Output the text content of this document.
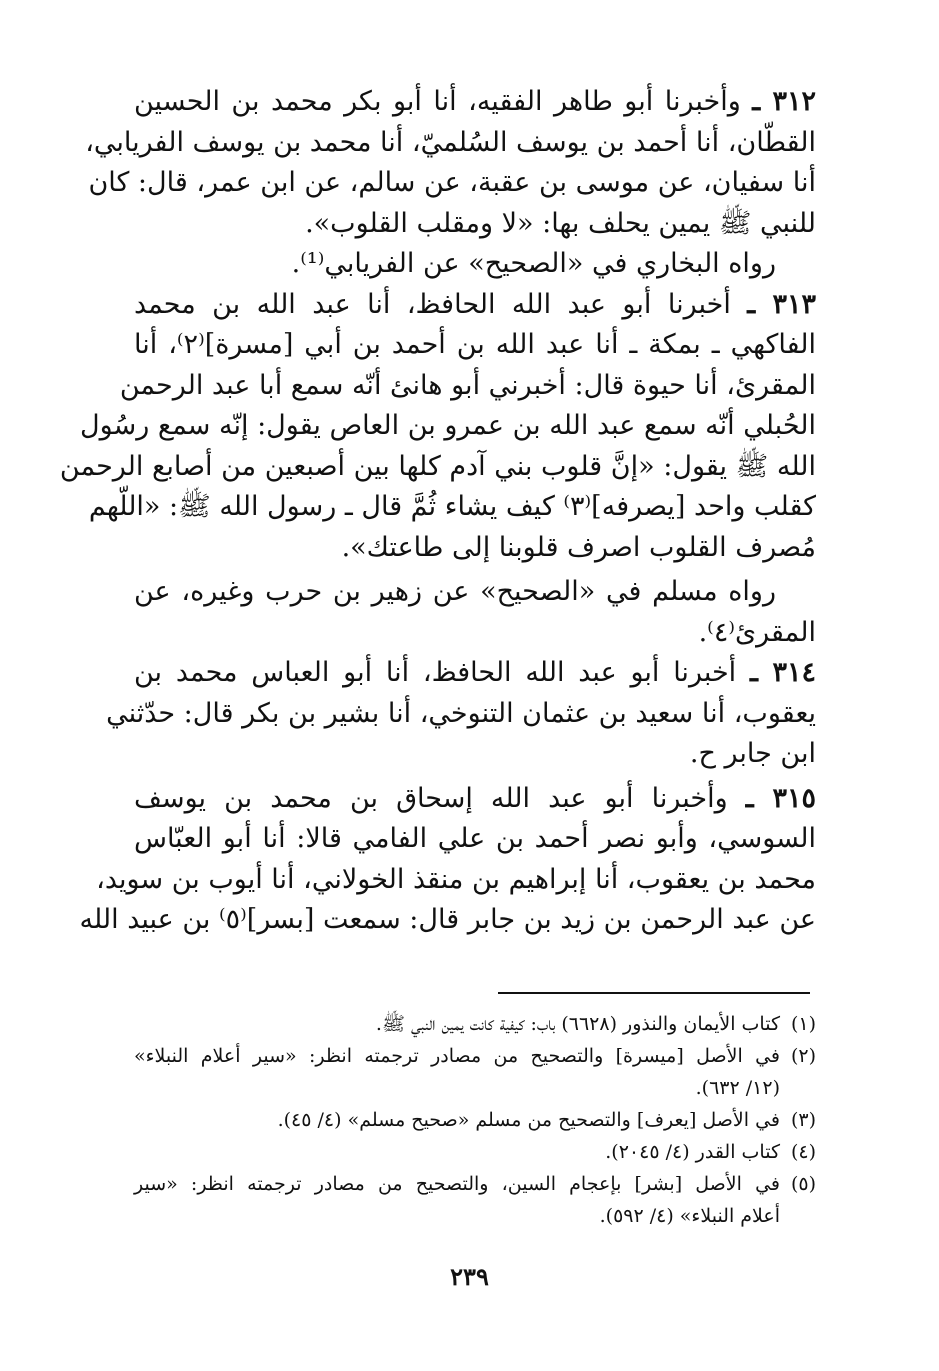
٣١٢ ـ وأخبرنا أبو طاهر الفقيه، أنا أبو بكر محمد بن الحسين
القطّان، أنا أحمد بن يوسف السُلميّ، أنا محمد بن يوسف الفريابي،
أنا سفيان، عن موسى بن عقبة، عن سالم، عن ابن عمر، قال: كان
للنبي ﷺ يمين يحلف بها: «لا ومقلب القلوب».
رواه البخاري في «الصحيح» عن الفريابي⁽¹⁾.
٣١٣ ـ أخبرنا أبو عبد الله الحافظ، أنا عبد الله بن محمد
الفاكهي ـ بمكة ـ أنا عبد الله بن أحمد بن أبي [مسرة]⁽٢⁾، أنا
المقرئ، أنا حيوة قال: أخبرني أبو هانئ أنّه سمع أبا عبد الرحمن
الحُبلي أنّه سمع عبد الله بن عمرو بن العاص يقول: إنّه سمع رسُول
الله ﷺ يقول: «إنَّ قلوب بني آدم كلها بين أصبعين من أصابع الرحمن
كقلب واحد [يصرفه]⁽٣⁾ كيف يشاء ثُمَّ قال ـ رسول الله ﷺ: «اللّهم
مُصرف القلوب اصرف قلوبنا إلى طاعتك».
رواه مسلم في «الصحيح» عن زهير بن حرب وغيره، عن
المقرئ⁽٤⁾.
٣١٤ ـ أخبرنا أبو عبد الله الحافظ، أنا أبو العباس محمد بن
يعقوب، أنا سعيد بن عثمان التنوخي، أنا بشير بن بكر قال: حدّثني
ابن جابر ح.
٣١٥ ـ وأخبرنا أبو عبد الله إسحاق بن محمد بن يوسف
السوسي، وأبو نصر أحمد بن علي الفامي قالا: أنا أبو العبّاس
محمد بن يعقوب، أنا إبراهيم بن منقذ الخولاني، أنا أيوب بن سويد،
عن عبد الرحمن بن زيد بن جابر قال: سمعت [بسر]⁽٥⁾ بن عبيد الله
(١)
كتاب الأيمان والنذور (٦٦٢٨) باب: كيفية كانت يمين النبي ﷺ.
(٢)
في الأصل [ميسرة] والتصحيح من مصادر ترجمته انظر: «سير أعلام النبلاء»
(١٢/ ٦٣٢).
(٣)
في الأصل [يعرف] والتصحيح من مسلم «صحيح مسلم» (٤/ ٤٥).
(٤)
كتاب القدر (٤/ ٢٠٤٥).
(٥)
في الأصل [بشر] بإعجام السين، والتصحيح من مصادر ترجمته انظر: «سير
أعلام النبلاء» (٤/ ٥٩٢).
٢٣٩
